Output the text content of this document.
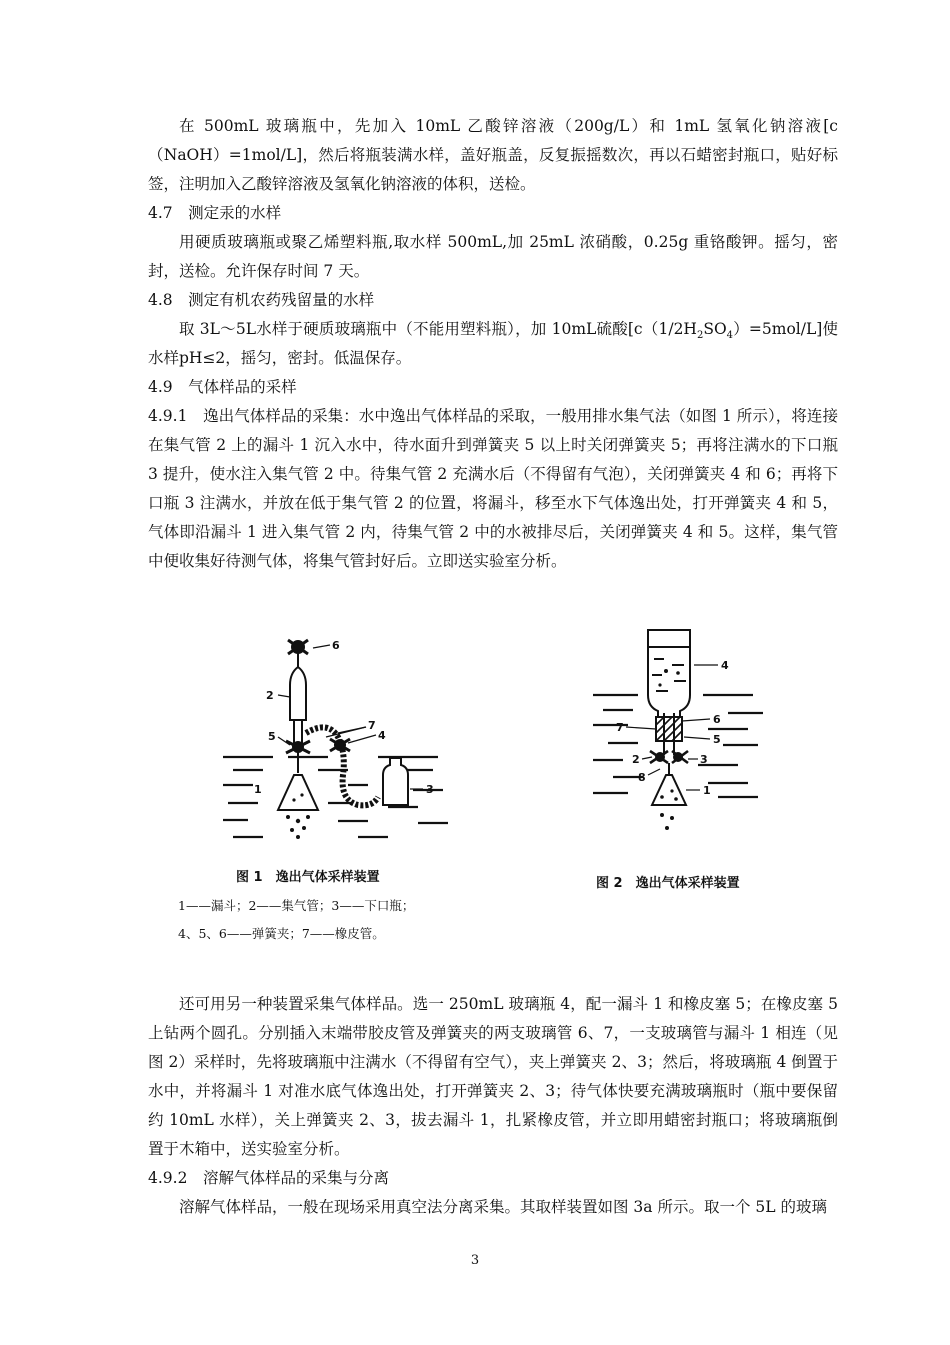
在 500mL 玻璃瓶中，先加入 10mL 乙酸锌溶液（200g/L）和 1mL 氢氧化钠溶液[c（NaOH）=1mol/L]，然后将瓶装满水样，盖好瓶盖，反复振摇数次，再以石蜡密封瓶口，贴好标签，注明加入乙酸锌溶液及氢氧化钠溶液的体积，送检。

4.7　测定汞的水样

用硬质玻璃瓶或聚乙烯塑料瓶,取水样 500mL,加 25mL 浓硝酸，0.25g 重铬酸钾。摇匀，密封，送检。允许保存时间 7 天。

4.8　测定有机农药残留量的水样

取 3L～5L水样于硬质玻璃瓶中（不能用塑料瓶），加 10mL硫酸$[c(1/2H_2SO_4)=5mol/L]$使水样pH≤2，摇匀，密封。低温保存。

4.9　气体样品的采样

4.9.1　逸出气体样品的采集：水中逸出气体样品的采取，一般用排水集气法（如图 1 所示），将连接在集气管 2 上的漏斗 1 沉入水中，待水面升到弹簧夹 5 以上时关闭弹簧夹 5；再将注满水的下口瓶 3 提升，使水注入集气管 2 中。待集气管 2 充满水后（不得留有气泡），关闭弹簧夹 4 和 6；再将下口瓶 3 注满水，并放在低于集气管 2 的位置，将漏斗，移至水下气体逸出处，打开弹簧夹 4 和 5，气体即沿漏斗 1 进入集气管 2 内，待集气管 2 中的水被排尽后，关闭弹簧夹 4 和 5。这样，集气管中便收集好待测气体，将集气管封好后。立即送实验室分析。

6
2
7
4
5
1	3
图 1　逸出气体采样装置
1——漏斗；2——集气管；3——下口瓶；
4、5、6——弹簧夹；7——橡皮管。
4
6
7
5
2	3
8
1
图 2　逸出气体采样装置

还可用另一种装置采集气体样品。选一 250mL 玻璃瓶 4，配一漏斗 1 和橡皮塞 5；在橡皮塞 5 上钻两个圆孔。分别插入末端带胶皮管及弹簧夹的两支玻璃管 6、7，一支玻璃管与漏斗 1 相连（见图 2）采样时，先将玻璃瓶中注满水（不得留有空气），夹上弹簧夹 2、3；然后，将玻璃瓶 4 倒置于水中，并将漏斗 1 对准水底气体逸出处，打开弹簧夹 2、3；待气体快要充满玻璃瓶时（瓶中要保留约 10mL 水样），关上弹簧夹 2、3，拔去漏斗 1，扎紧橡皮管，并立即用蜡密封瓶口；将玻璃瓶倒置于木箱中，送实验室分析。

4.9.2　溶解气体样品的采集与分离

溶解气体样品，一般在现场采用真空法分离采集。其取样装置如图 3a 所示。取一个 5L 的玻璃

3
